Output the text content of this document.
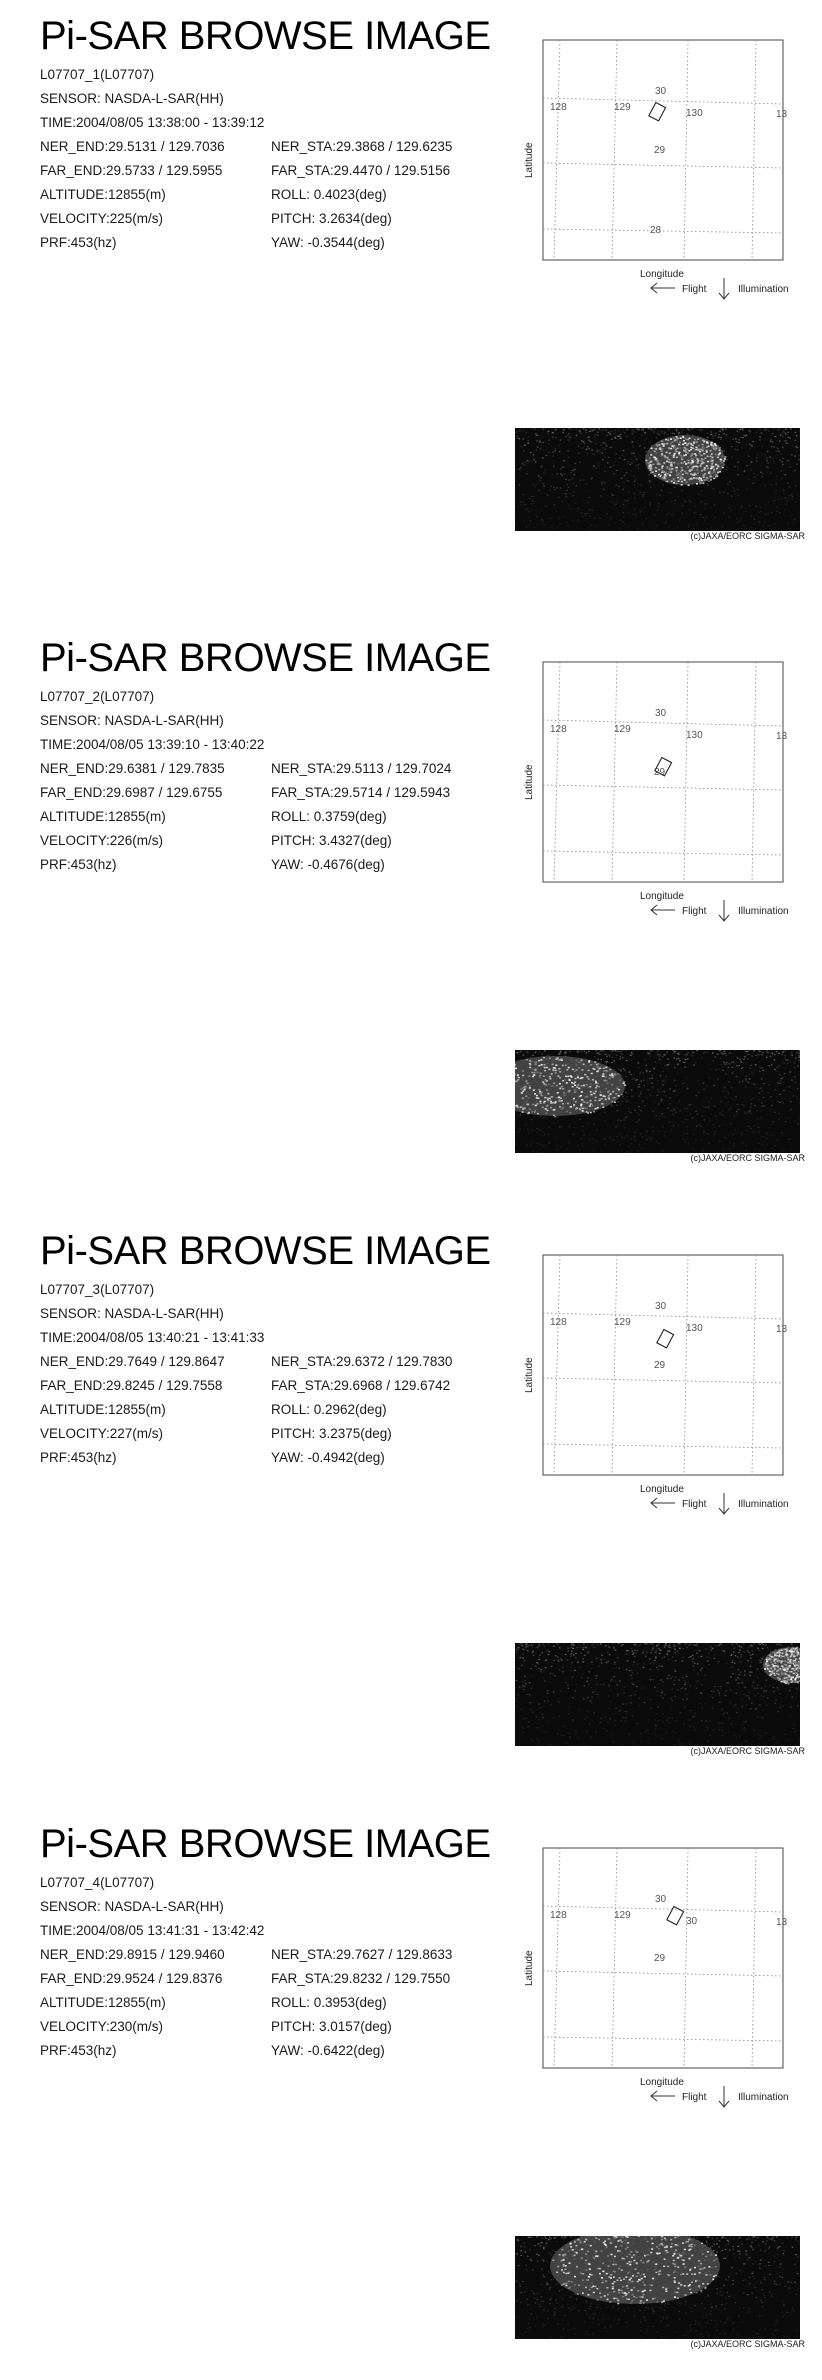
Pi-SAR BROWSE IMAGE
L07707_1(L07707)
SENSOR: NASDA-L-SAR(HH)
TIME:2004/08/05 13:38:00 - 13:39:12
NER_END:29.5131 / 129.7036	NER_STA:29.3868 / 129.6235
FAR_END:29.5733 / 129.5955	FAR_STA:29.4470 / 129.5156
ALTITUDE:12855(m)	ROLL: 0.4023(deg)
VELOCITY:225(m/s)	PITCH: 3.2634(deg)
PRF:453(hz)	YAW: -0.3544(deg)
128	129
130	13
30
29
28
Longitude
Latitude
Flight	Illumination
(c)JAXA/EORC SIGMA-SAR
Pi-SAR BROWSE IMAGE
L07707_2(L07707)
SENSOR: NASDA-L-SAR(HH)
TIME:2004/08/05 13:39:10 - 13:40:22
NER_END:29.6381 / 129.7835	NER_STA:29.5113 / 129.7024
FAR_END:29.6987 / 129.6755	FAR_STA:29.5714 / 129.5943
ALTITUDE:12855(m)	ROLL: 0.3759(deg)
VELOCITY:226(m/s)	PITCH: 3.4327(deg)
PRF:453(hz)	YAW: -0.4676(deg)
128	129
130	13
30
29
Longitude
Latitude
Flight	Illumination
(c)JAXA/EORC SIGMA-SAR
Pi-SAR BROWSE IMAGE
L07707_3(L07707)
SENSOR: NASDA-L-SAR(HH)
TIME:2004/08/05 13:40:21 - 13:41:33
NER_END:29.7649 / 129.8647	NER_STA:29.6372 / 129.7830
FAR_END:29.8245 / 129.7558	FAR_STA:29.6968 / 129.6742
ALTITUDE:12855(m)	ROLL: 0.2962(deg)
VELOCITY:227(m/s)	PITCH: 3.2375(deg)
PRF:453(hz)	YAW: -0.4942(deg)
128	129
130	13
30
29
Longitude
Latitude
Flight	Illumination
(c)JAXA/EORC SIGMA-SAR
Pi-SAR BROWSE IMAGE
L07707_4(L07707)
SENSOR: NASDA-L-SAR(HH)
TIME:2004/08/05 13:41:31 - 13:42:42
NER_END:29.8915 / 129.9460	NER_STA:29.7627 / 129.8633
FAR_END:29.9524 / 129.8376	FAR_STA:29.8232 / 129.7550
ALTITUDE:12855(m)	ROLL: 0.3953(deg)
VELOCITY:230(m/s)	PITCH: 3.0157(deg)
PRF:453(hz)	YAW: -0.6422(deg)
128	129
30	13
30
29
Longitude
Latitude
Flight	Illumination
(c)JAXA/EORC SIGMA-SAR
